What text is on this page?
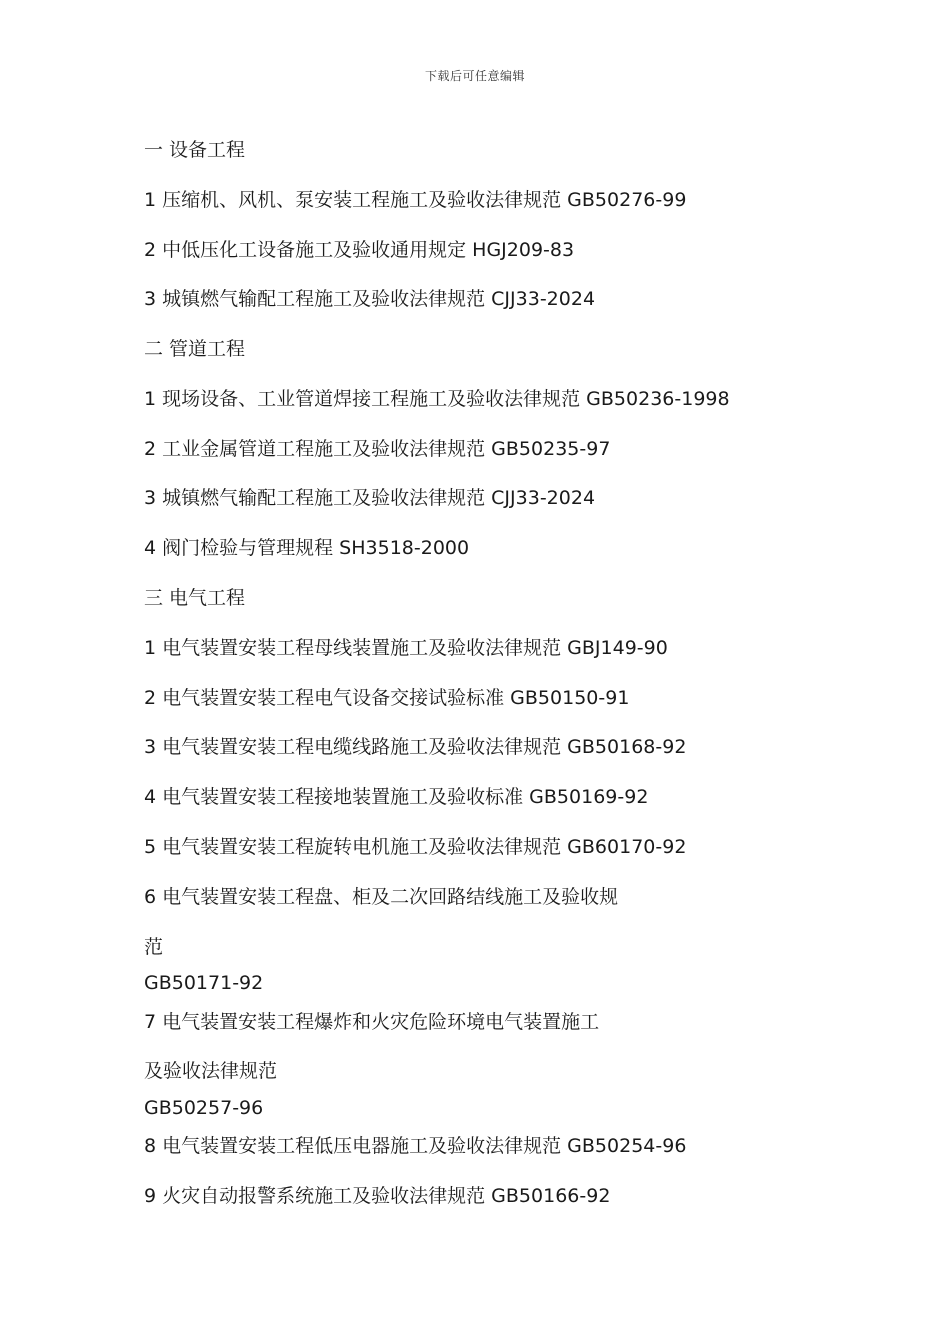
下载后可任意编辑
一 设备工程
1 压缩机、风机、泵安装工程施工及验收法律规范 GB50276-99
2 中低压化工设备施工及验收通用规定 HGJ209-83
3 城镇燃气输配工程施工及验收法律规范 CJJ33-2024
二 管道工程
1 现场设备、工业管道焊接工程施工及验收法律规范 GB50236-1998
2 工业金属管道工程施工及验收法律规范 GB50235-97
3 城镇燃气输配工程施工及验收法律规范 CJJ33-2024
4 阀门检验与管理规程 SH3518-2000
三 电气工程
1 电气装置安装工程母线装置施工及验收法律规范 GBJ149-90
2 电气装置安装工程电气设备交接试验标准 GB50150-91
3 电气装置安装工程电缆线路施工及验收法律规范 GB50168-92
4 电气装置安装工程接地装置施工及验收标准 GB50169-92
5 电气装置安装工程旋转电机施工及验收法律规范 GB60170-92
6 电气装置安装工程盘、柜及二次回路结线施工及验收规
范
GB50171-92
7 电气装置安装工程爆炸和火灾危险环境电气装置施工
及验收法律规范
GB50257-96
8 电气装置安装工程低压电器施工及验收法律规范 GB50254-96
9 火灾自动报警系统施工及验收法律规范 GB50166-92
